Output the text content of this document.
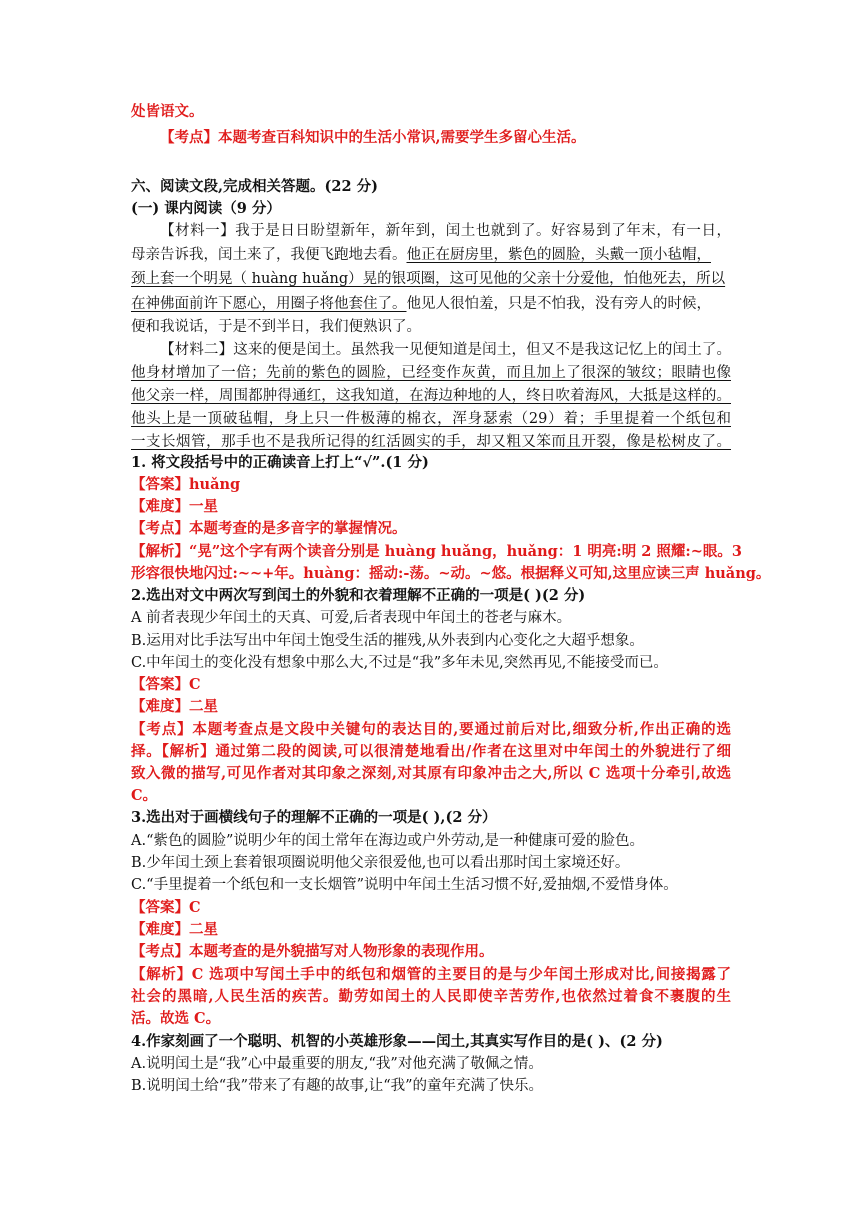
处皆语文。
【考点】本题考查百科知识中的生活小常识,需要学生多留心生活。
六、阅读文段,完成相关答题。(22 分)
(一) 课内阅读（9 分）
【材料一】我于是日日盼望新年，新年到，闰土也就到了。好容易到了年末，有一日，
母亲告诉我，闰土来了，我便飞跑地去看。他正在厨房里，紫色的圆脸，头戴一顶小毡帽，
颈上套一个明晃（ huàng huǎng）晃的银项圈，这可见他的父亲十分爱他，怕他死去，所以
在神佛面前许下愿心，用圈子将他套住了。他见人很怕羞，只是不怕我，没有旁人的时候，
便和我说话，于是不到半日，我们便熟识了。
【材料二】这来的便是闰土。虽然我一见便知道是闰土，但又不是我这记忆上的闰土了。
他身材增加了一倍；先前的紫色的圆脸，已经变作灰黄，而且加上了很深的皱纹；眼睛也像
他父亲一样，周围都肿得通红，这我知道，在海边种地的人，终日吹着海风，大抵是这样的。
他头上是一顶破毡帽，身上只一件极薄的棉衣，浑身瑟索（29）着；手里提着一个纸包和
一支长烟管，那手也不是我所记得的红活圆实的手，却又粗又笨而且开裂，像是松树皮了。
1. 将文段括号中的正确读音上打上“√”.(1 分)
【答案】huǎng
【难度】一星
【考点】本题考查的是多音字的掌握情况。
【解析】“晃”这个字有两个读音分别是 huàng huǎng，huǎng：1 明亮:明 2 照耀:~眼。3
形容很快地闪过:~~+年。huàng：摇动:-荡。~动。~悠。根据释义可知,这里应读三声 huǎng。
2.选出对文中两次写到闰土的外貌和衣着理解不正确的一项是( )(2 分)
A 前者表现少年闰土的天真、可爱,后者表现中年闰土的苍老与麻木。
B.运用对比手法写出中年闰土饱受生活的摧残,从外表到内心变化之大超乎想象。
C.中年闰土的变化没有想象中那么大,不过是“我”多年未见,突然再见,不能接受而已。
【答案】C
【难度】二星
【考点】本题考查点是文段中关键句的表达目的,要通过前后对比,细致分析,作出正确的选
择。【解析】通过第二段的阅读,可以很清楚地看出/作者在这里对中年闰土的外貌进行了细
致入微的描写,可见作者对其印象之深刻,对其原有印象冲击之大,所以 C 选项十分牵引,故选
C。
3.选出对于画横线句子的理解不正确的一项是( ),(2 分）
A.“紫色的圆脸”说明少年的闰土常年在海边或户外劳动,是一种健康可爱的脸色。
B.少年闰土颈上套着银项圈说明他父亲很爱他,也可以看出那时闰土家境还好。
C.“手里提着一个纸包和一支长烟管”说明中年闰土生活习惯不好,爱抽烟,不爱惜身体。
【答案】C
【难度】二星
【考点】本题考查的是外貌描写对人物形象的表现作用。
【解析】C 选项中写闰土手中的纸包和烟管的主要目的是与少年闰土形成对比,间接揭露了
社会的黑暗,人民生活的疾苦。勤劳如闰土的人民即使辛苦劳作,也依然过着食不裹腹的生
活。故选 C。
4.作家刻画了一个聪明、机智的小英雄形象——闰土,其真实写作目的是( )、(2 分)
A.说明闰土是“我”心中最重要的朋友,“我”对他充满了敬佩之情。
B.说明闰土给“我”带来了有趣的故事,让“我”的童年充满了快乐。
